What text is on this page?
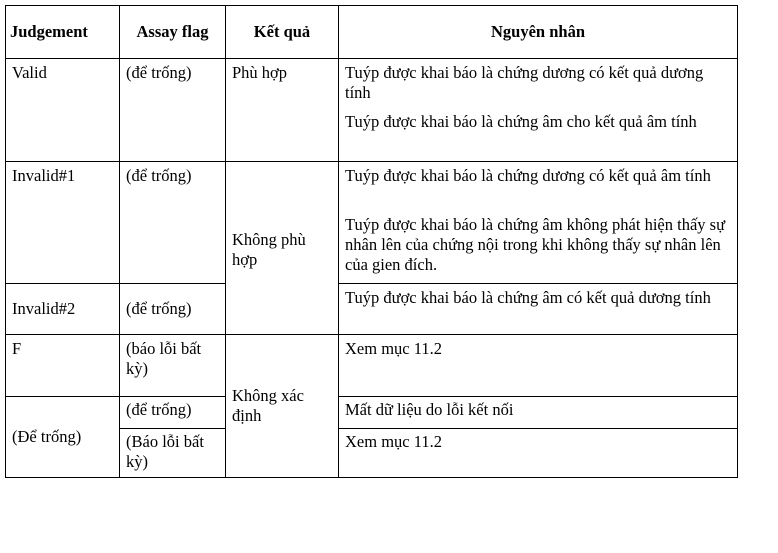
Judgement	Assay flag	Kết quả	Nguyên nhân
Valid	(để trống)	Phù hợp	Tuýp được khai báo là chứng dương có kết quả dương tính
			Tuýp được khai báo là chứng âm cho kết quả âm tính
Invalid#1	(để trống)	Không phù hợp	Tuýp được khai báo là chứng dương có kết quả âm tính
			Tuýp được khai báo là chứng âm không phát hiện thấy sự nhân lên của chứng nội trong khi không thấy sự nhân lên của gien đích.
Invalid#2	(để trống)		Tuýp được khai báo là chứng âm có kết quả dương tính
F	(báo lỗi bất kỳ)	Không xác định	Xem mục 11.2
(Để trống)	(để trống)		Mất dữ liệu do lỗi kết nối
	(Báo lỗi bất kỳ)		Xem mục 11.2
